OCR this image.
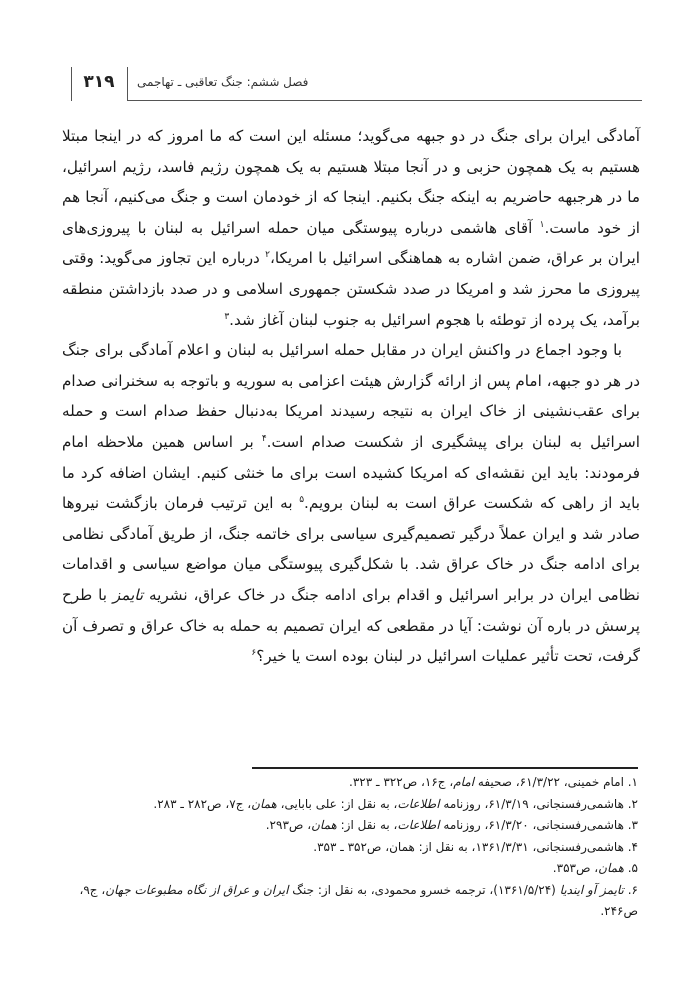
۳۱۹ فصل ششم: جنگ تعاقبی ـ تهاجمی

آمادگی ایران برای جنگ در دو جبهه می‌گوید؛ مسئله این است که ما امروز که در اینجا مبتلا هستیم به یک همچون حزبی و در آنجا مبتلا هستیم به یک همچون رژیم فاسد، رژیم اسرائیل، ما در هرجبهه حاضریم به اینکه جنگ بکنیم. اینجا که از خودمان است و جنگ می‌کنیم، آنجا هم از خود ماست.$^۱$ آقای هاشمی درباره پیوستگی میان حمله اسرائیل به لبنان با پیروزی‌های ایران بر عراق، ضمن اشاره به هماهنگی اسرائیل با امریکا،$^۲$ درباره این تجاوز می‌گوید: وقتی پیروزی ما محرز شد و امریکا در صدد شکستن جمهوری اسلامی و در صدد بازداشتن منطقه برآمد، یک پرده از توطئه با هجوم اسرائیل به جنوب لبنان آغاز شد.$^۳$

با وجود اجماع در واکنش ایران در مقابل حمله اسرائیل به لبنان و اعلام آمادگی برای جنگ در هر دو جبهه، امام پس از ارائه گزارش هیئت اعزامی به سوریه و باتوجه به سخنرانی صدام برای عقب‌نشینی از خاک ایران به نتیجه رسیدند امریکا به‌دنبال حفظ صدام است و حمله اسرائیل به لبنان برای پیشگیری از شکست صدام است.$^۴$ بر اساس همین ملاحظه امام فرمودند: باید این نقشه‌ای که امریکا کشیده است برای ما خنثی کنیم. ایشان اضافه کرد ما باید از راهی که شکست عراق است به لبنان برویم.$^۵$ به این ترتیب فرمان بازگشت نیروها صادر شد و ایران عملاً درگیر تصمیم‌گیری سیاسی برای خاتمه جنگ، از طریق آمادگی نظامی برای ادامه جنگ در خاک عراق شد. با شکل‌گیری پیوستگی میان مواضع سیاسی و اقدامات نظامی ایران در برابر اسرائیل و اقدام برای ادامه جنگ در خاک عراق، نشریه تایمز با طرح پرسش در باره آن نوشت: آیا در مقطعی که ایران تصمیم به حمله به خاک عراق و تصرف آن گرفت، تحت تأثیر عملیات اسرائیل در لبنان بوده است یا خیر؟$^۶$

۱. امام خمینی، ۶۱/۳/۲۲، صحیفه امام، ج۱۶، ص۳۲۲ ـ ۳۲۳.

۲. هاشمی‌رفسنجانی، ۶۱/۳/۱۹، روزنامه اطلاعات، به نقل از: علی بابایی، همان، ج۷، ص۲۸۲ ـ ۲۸۳.

۳. هاشمی‌رفسنجانی، ۶۱/۳/۲۰، روزنامه اطلاعات، به نقل از: همان، ص۲۹۳.

۴. هاشمی‌رفسنجانی، ۱۳۶۱/۳/۳۱، به نقل از: همان، ص۳۵۲ ـ ۳۵۳.

۵. همان، ص۳۵۳.

۶. تایمز آو ایندیا (۱۳۶۱/۵/۲۴)، ترجمه خسرو محمودی، به نقل از: جنگ ایران و عراق از نگاه مطبوعات جهان، ج۹، ص۲۴۶.
